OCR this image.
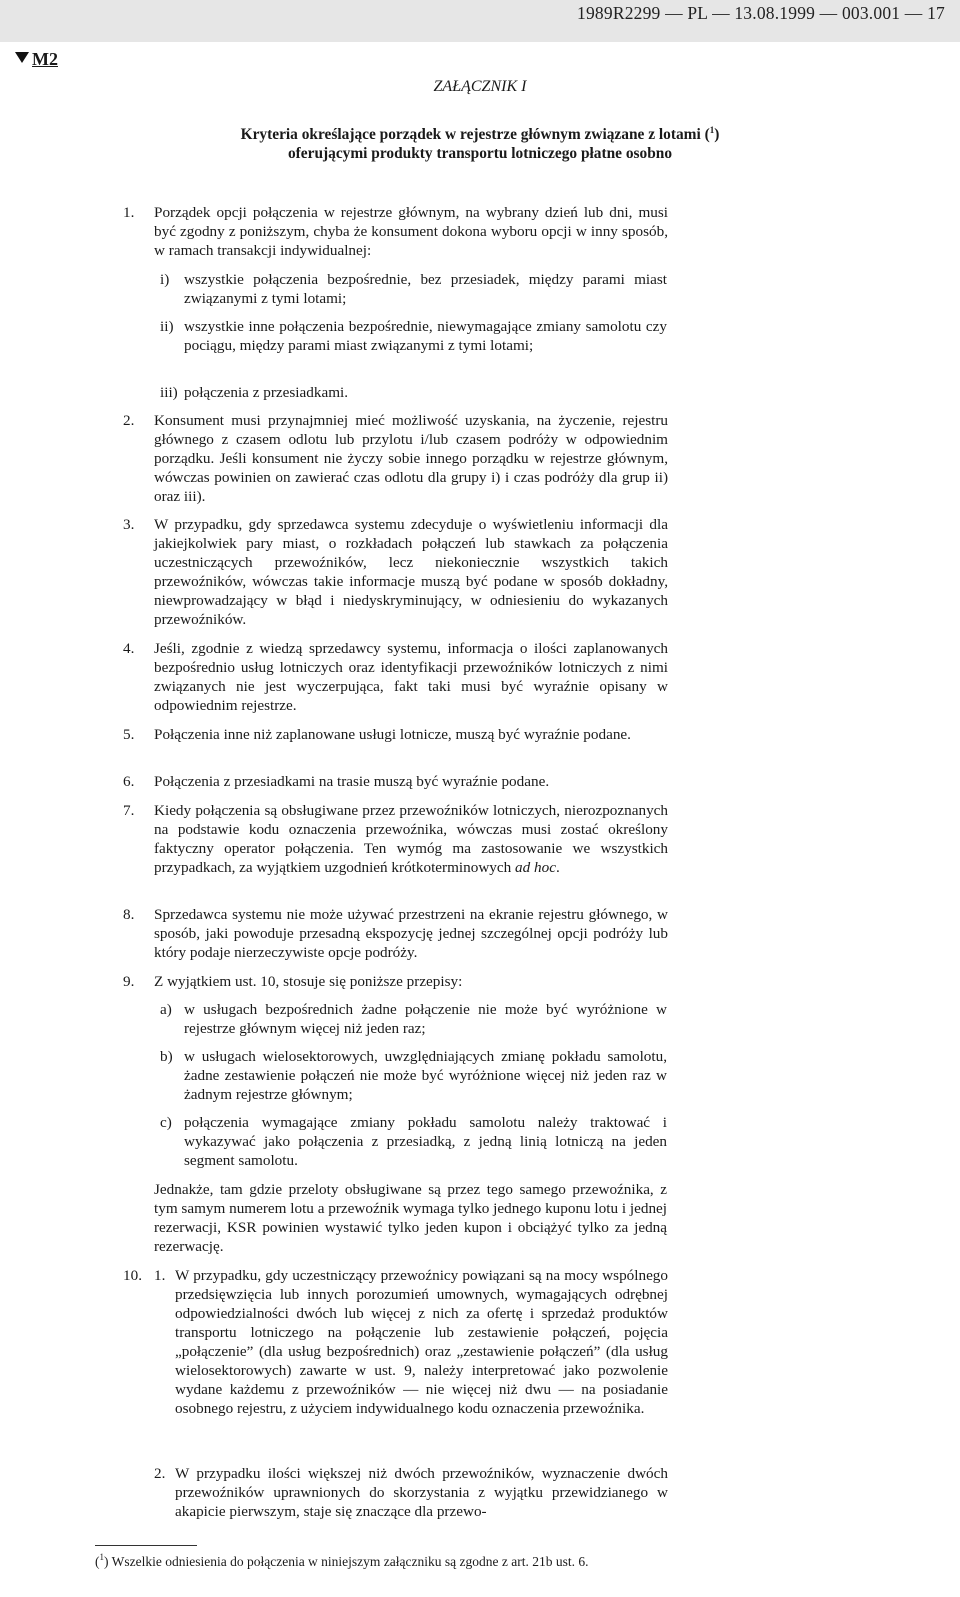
1989R2299 — PL — 13.08.1999 — 003.001 — 17
M2
ZAŁĄCZNIK I
Kryteria określające porządek w rejestrze głównym związane z lotami ($^1$)
oferującymi produkty transportu lotniczego płatne osobno
1. Porządek opcji połączenia w rejestrze głównym, na wybrany dzień lub dni, musi być zgodny z poniższym, chyba że konsument dokona wyboru opcji w inny sposób, w ramach transakcji indywidualnej:
i) wszystkie połączenia bezpośrednie, bez przesiadek, między parami miast związanymi z tymi lotami;
ii) wszystkie inne połączenia bezpośrednie, niewymagające zmiany samolotu czy pociągu, między parami miast związanymi z tymi lotami;
iii) połączenia z przesiadkami.
2. Konsument musi przynajmniej mieć możliwość uzyskania, na życzenie, rejestru głównego z czasem odlotu lub przylotu i/lub czasem podróży w odpowiednim porządku. Jeśli konsument nie życzy sobie innego porządku w rejestrze głównym, wówczas powinien on zawierać czas odlotu dla grupy i) i czas podróży dla grup ii) oraz iii).
3. W przypadku, gdy sprzedawca systemu zdecyduje o wyświetleniu informacji dla jakiejkolwiek pary miast, o rozkładach połączeń lub stawkach za połączenia uczestniczących przewoźników, lecz niekoniecznie wszystkich takich przewoźników, wówczas takie informacje muszą być podane w sposób dokładny, niewprowadzający w błąd i niedyskryminujący, w odniesieniu do wykazanych przewoźników.
4. Jeśli, zgodnie z wiedzą sprzedawcy systemu, informacja o ilości zaplanowanych bezpośrednio usług lotniczych oraz identyfikacji przewoźników lotniczych z nimi związanych nie jest wyczerpująca, fakt taki musi być wyraźnie opisany w odpowiednim rejestrze.
5. Połączenia inne niż zaplanowane usługi lotnicze, muszą być wyraźnie podane.
6. Połączenia z przesiadkami na trasie muszą być wyraźnie podane.
7. Kiedy połączenia są obsługiwane przez przewoźników lotniczych, nierozpoznanych na podstawie kodu oznaczenia przewoźnika, wówczas musi zostać określony faktyczny operator połączenia. Ten wymóg ma zastosowanie we wszystkich przypadkach, za wyjątkiem uzgodnień krótkoterminowych ad hoc.
8. Sprzedawca systemu nie może używać przestrzeni na ekranie rejestru głównego, w sposób, jaki powoduje przesadną ekspozycję jednej szczególnej opcji podróży lub który podaje nierzeczywiste opcje podróży.
9. Z wyjątkiem ust. 10, stosuje się poniższe przepisy:
a) w usługach bezpośrednich żadne połączenie nie może być wyróżnione w rejestrze głównym więcej niż jeden raz;
b) w usługach wielosektorowych, uwzględniających zmianę pokładu samolotu, żadne zestawienie połączeń nie może być wyróżnione więcej niż jeden raz w żadnym rejestrze głównym;
c) połączenia wymagające zmiany pokładu samolotu należy traktować i wykazywać jako połączenia z przesiadką, z jedną linią lotniczą na jeden segment samolotu.
Jednakże, tam gdzie przeloty obsługiwane są przez tego samego przewoźnika, z tym samym numerem lotu a przewoźnik wymaga tylko jednego kuponu lotu i jednej rezerwacji, KSR powinien wystawić tylko jeden kupon i obciążyć tylko za jedną rezerwację.
10. 1. W przypadku, gdy uczestniczący przewoźnicy powiązani są na mocy wspólnego przedsięwzięcia lub innych porozumień umownych, wymagających odrębnej odpowiedzialności dwóch lub więcej z nich za ofertę i sprzedaż produktów transportu lotniczego na połączenie lub zestawienie połączeń, pojęcia „połączenie” (dla usług bezpośrednich) oraz „zestawienie połączeń” (dla usług wielosektorowych) zawarte w ust. 9, należy interpretować jako pozwolenie wydane każdemu z przewoźników — nie więcej niż dwu — na posiadanie osobnego rejestru, z użyciem indywidualnego kodu oznaczenia przewoźnika.
2. W przypadku ilości większej niż dwóch przewoźników, wyznaczenie dwóch przewoźników uprawnionych do skorzystania z wyjątku przewidzianego w akapicie pierwszym, staje się znaczące dla przewo-
($^1$) Wszelkie odniesienia do połączenia w niniejszym załączniku są zgodne z art. 21b ust. 6.
